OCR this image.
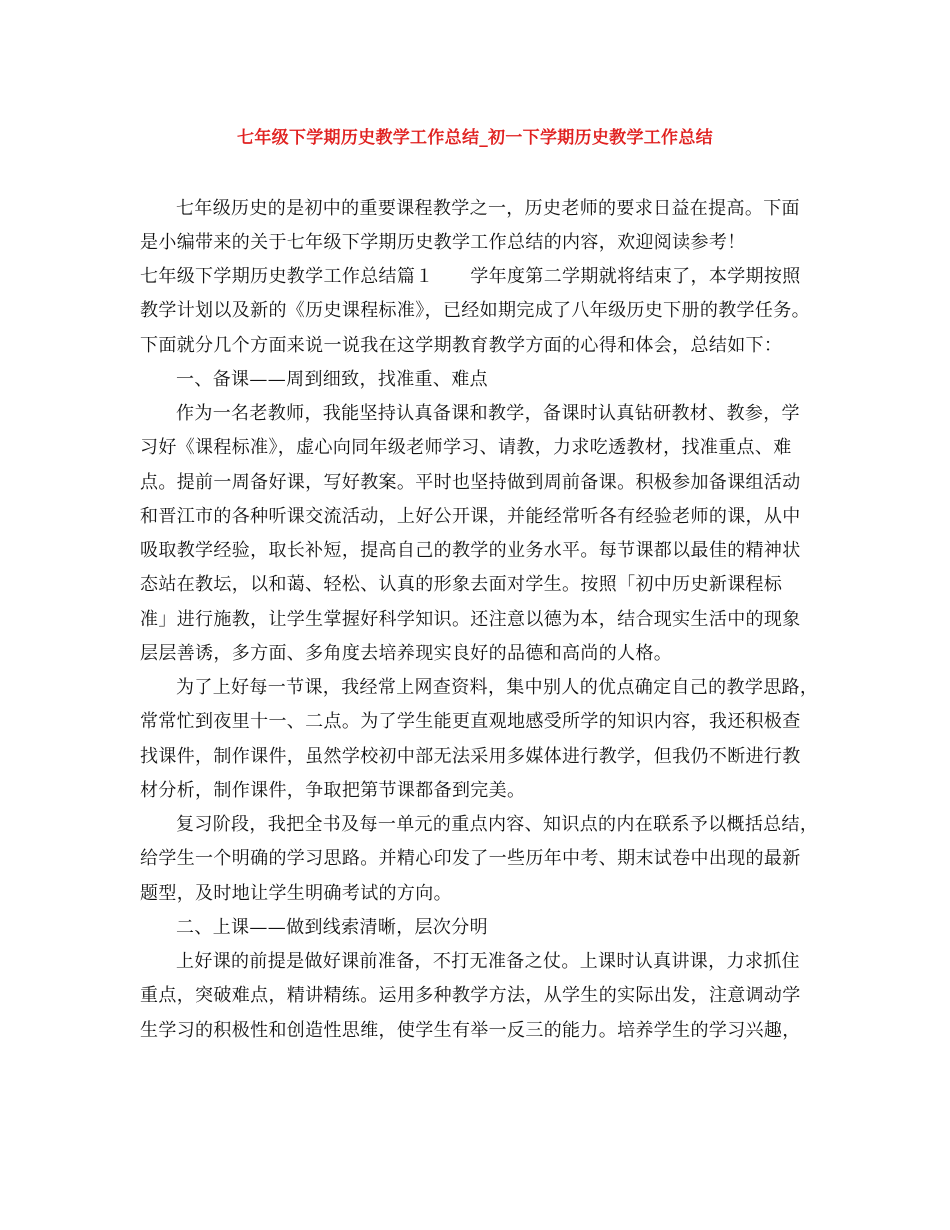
七年级下学期历史教学工作总结_初一下学期历史教学工作总结
七年级历史的是初中的重要课程教学之一，历史老师的要求日益在提高。下面
是小编带来的关于七年级下学期历史教学工作总结的内容，欢迎阅读参考！
七年级下学期历史教学工作总结篇１　　学年度第二学期就将结束了，本学期按照
教学计划以及新的《历史课程标准》，已经如期完成了八年级历史下册的教学任务。
下面就分几个方面来说一说我在这学期教育教学方面的心得和体会，总结如下：
一、备课——周到细致，找准重、难点
作为一名老教师，我能坚持认真备课和教学，备课时认真钻研教材、教参，学
习好《课程标准》，虚心向同年级老师学习、请教，力求吃透教材，找准重点、难
点。提前一周备好课，写好教案。平时也坚持做到周前备课。积极参加备课组活动
和晋江市的各种听课交流活动，上好公开课，并能经常听各有经验老师的课，从中
吸取教学经验，取长补短，提高自己的教学的业务水平。每节课都以最佳的精神状
态站在教坛，以和蔼、轻松、认真的形象去面对学生。按照「初中历史新课程标
准」进行施教，让学生掌握好科学知识。还注意以德为本，结合现实生活中的现象
层层善诱，多方面、多角度去培养现实良好的品德和高尚的人格。
为了上好每一节课，我经常上网查资料，集中别人的优点确定自己的教学思路，
常常忙到夜里十一、二点。为了学生能更直观地感受所学的知识内容，我还积极查
找课件，制作课件，虽然学校初中部无法采用多媒体进行教学，但我仍不断进行教
材分析，制作课件，争取把第节课都备到完美。
复习阶段，我把全书及每一单元的重点内容、知识点的内在联系予以概括总结，
给学生一个明确的学习思路。并精心印发了一些历年中考、期末试卷中出现的最新
题型，及时地让学生明确考试的方向。
二、上课——做到线索清晰，层次分明
上好课的前提是做好课前准备，不打无准备之仗。上课时认真讲课，力求抓住
重点，突破难点，精讲精练。运用多种教学方法，从学生的实际出发，注意调动学
生学习的积极性和创造性思维，使学生有举一反三的能力。培养学生的学习兴趣，
